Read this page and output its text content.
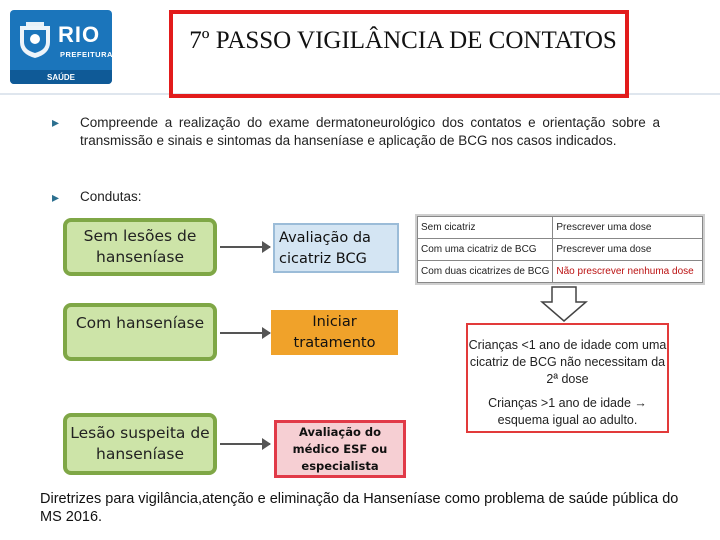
RIO
PREFEITURA
SAÚDE
7º PASSO VIGILÂNCIA DE CONTATOS
▸ Compreende a realização do exame dermatoneurológico dos contatos e orientação sobre a transmissão e sinais e sintomas da hanseníase e aplicação de BCG nos casos indicados.
▸ Condutas:
Sem lesões de hanseníase
Com hanseníase
Lesão suspeita de hanseníase
Avaliação da cicatriz BCG
Iniciar tratamento
Avaliação do médico ESF ou especialista
Sem cicatriz	Prescrever uma dose
Com uma cicatriz de BCG	Prescrever uma dose
Com duas cicatrizes de BCG	Não prescrever nenhuma dose
Crianças <1 ano de idade com uma cicatriz de BCG não necessitam da 2ª dose
Crianças >1 ano de idade → esquema igual ao adulto.
Diretrizes para vigilância,atenção e eliminação da Hanseníase como problema de saúde pública do MS 2016.
